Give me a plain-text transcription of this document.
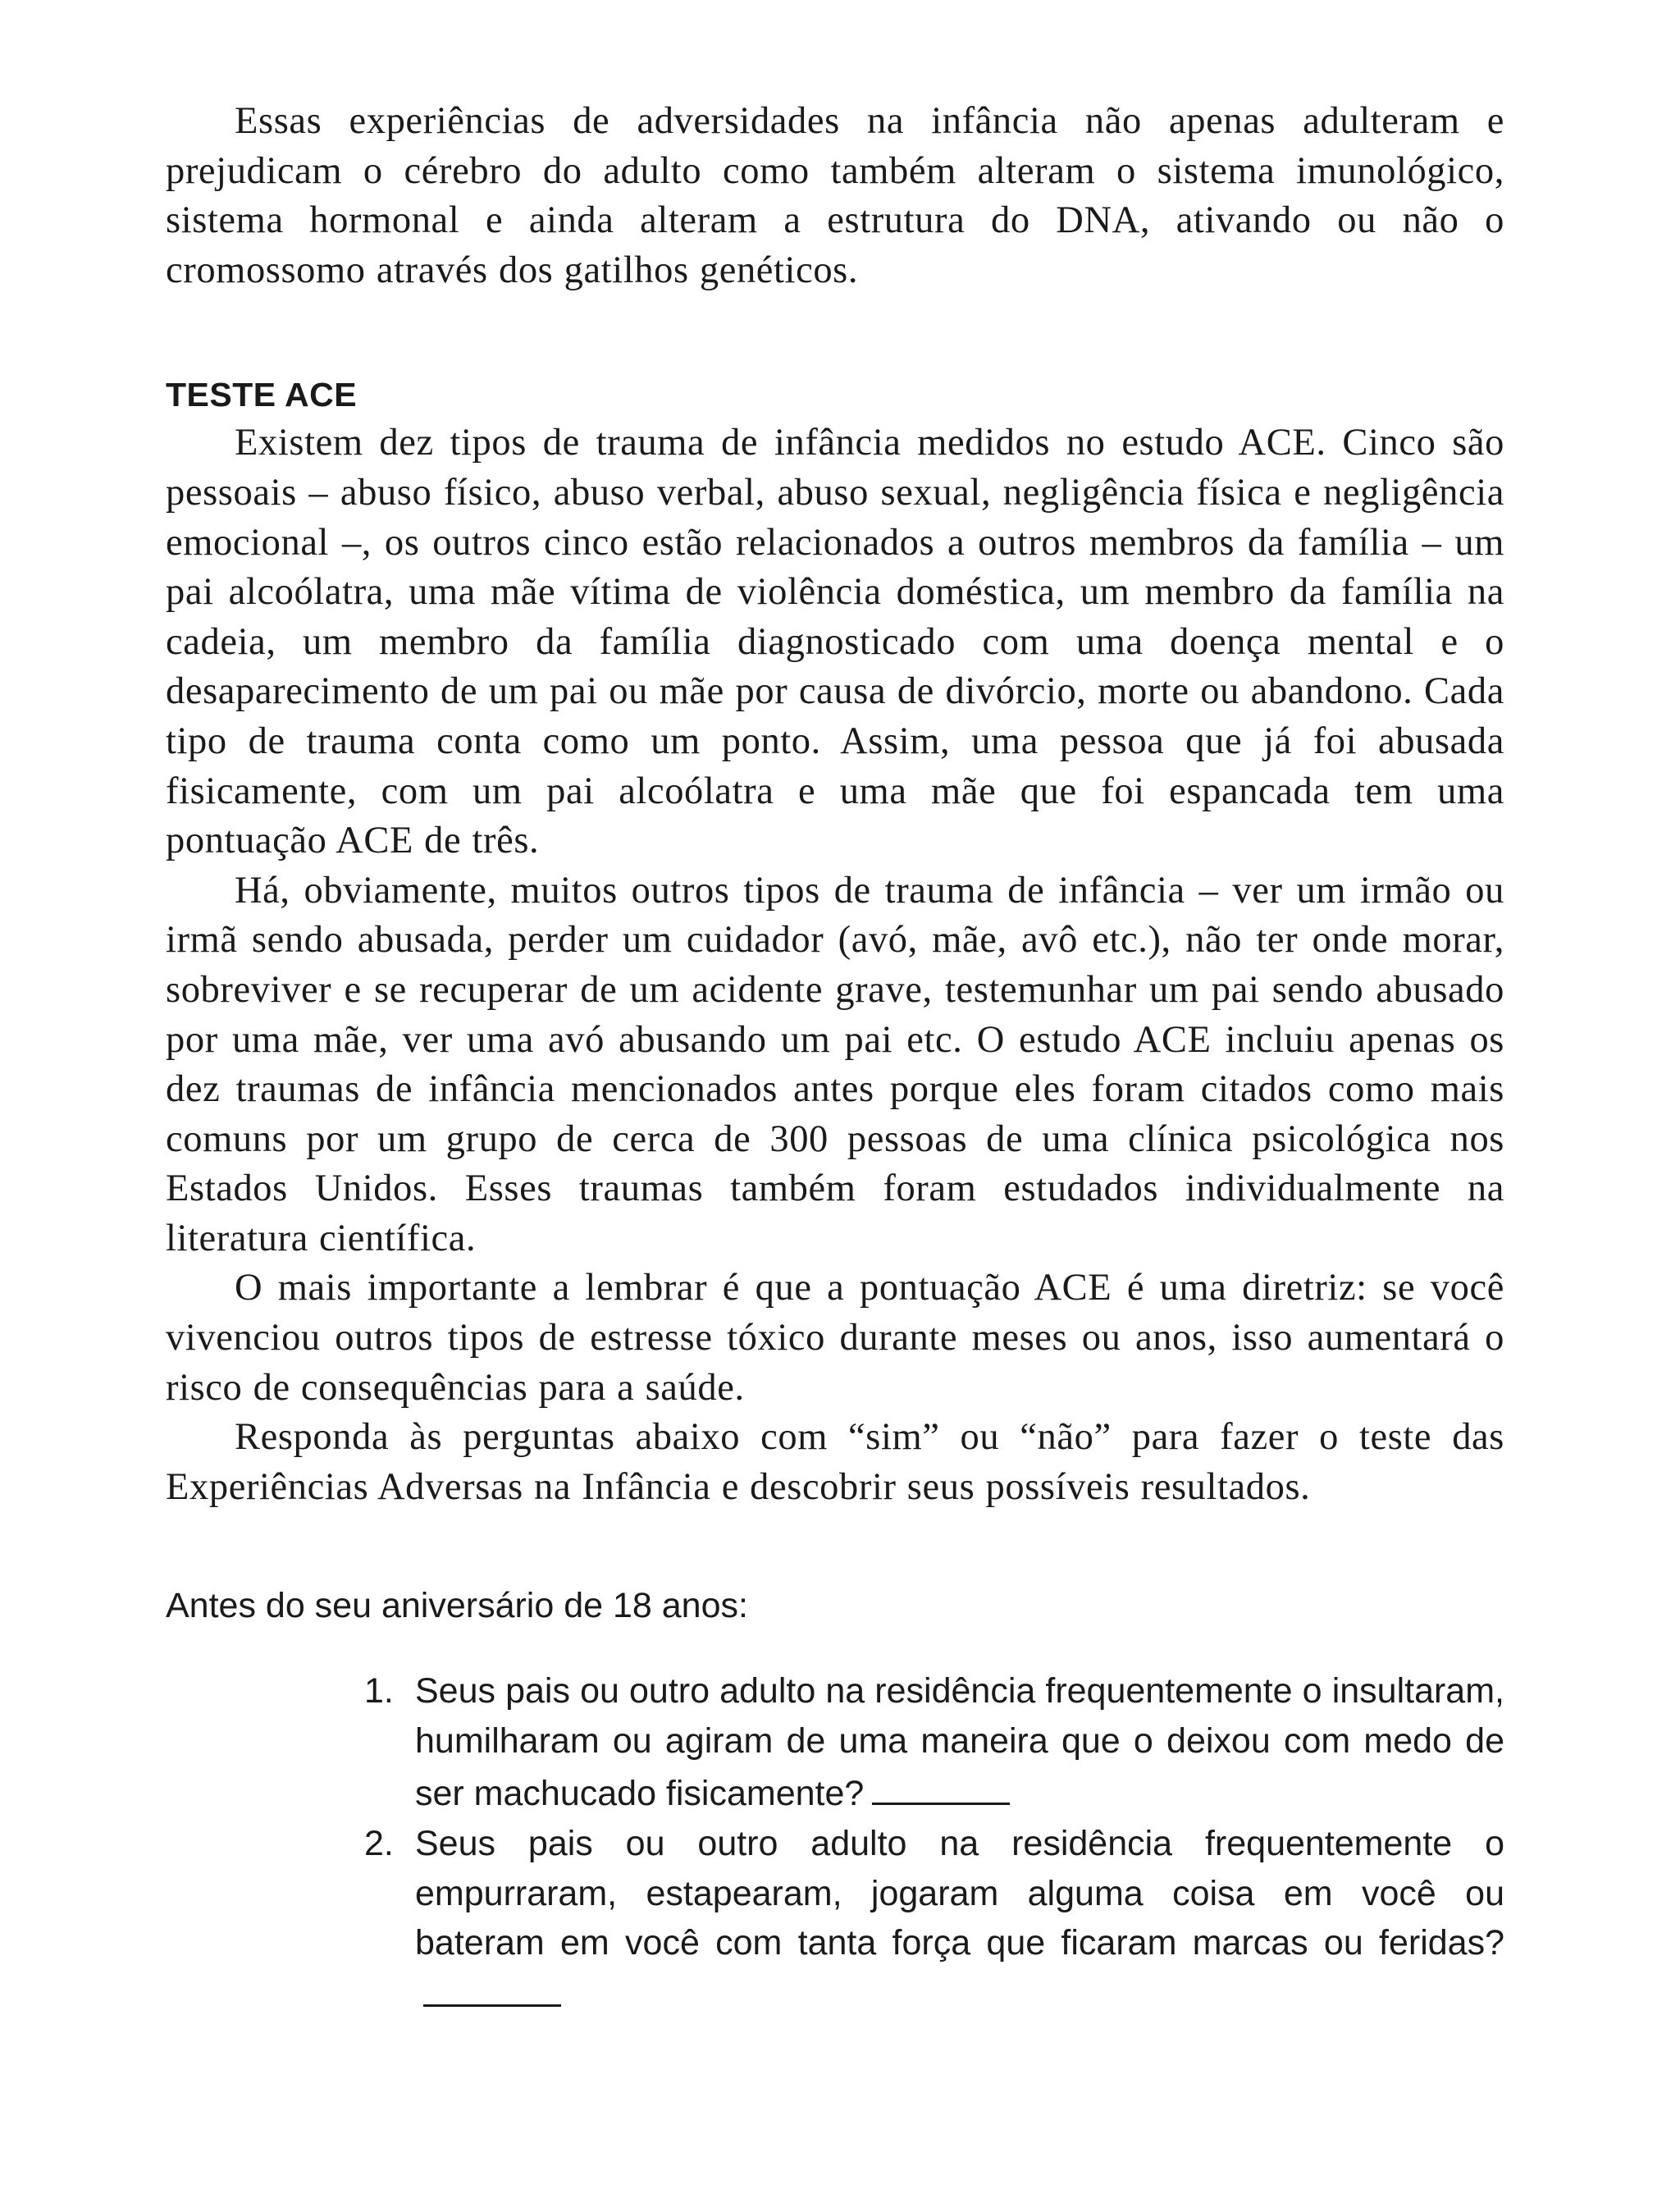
Essas experiências de adversidades na infância não apenas adulteram e prejudicam o cérebro do adulto como também alteram o sistema imunológico, sistema hormonal e ainda alteram a estrutura do DNA, ativando ou não o cromossomo através dos gatilhos genéticos.

TESTE ACE

Existem dez tipos de trauma de infância medidos no estudo ACE. Cinco são pessoais – abuso físico, abuso verbal, abuso sexual, negligência física e negligência emocional –, os outros cinco estão relacionados a outros membros da família – um pai alcoólatra, uma mãe vítima de violência doméstica, um membro da família na cadeia, um membro da família diagnosticado com uma doença mental e o desaparecimento de um pai ou mãe por causa de divórcio, morte ou abandono. Cada tipo de trauma conta como um ponto. Assim, uma pessoa que já foi abusada fisicamente, com um pai alcoólatra e uma mãe que foi espancada tem uma pontuação ACE de três.

Há, obviamente, muitos outros tipos de trauma de infância – ver um irmão ou irmã sendo abusada, perder um cuidador (avó, mãe, avô etc.), não ter onde morar, sobreviver e se recuperar de um acidente grave, testemunhar um pai sendo abusado por uma mãe, ver uma avó abusando um pai etc. O estudo ACE incluiu apenas os dez traumas de infância mencionados antes porque eles foram citados como mais comuns por um grupo de cerca de 300 pessoas de uma clínica psicológica nos Estados Unidos. Esses traumas também foram estudados individualmente na literatura científica.

O mais importante a lembrar é que a pontuação ACE é uma diretriz: se você vivenciou outros tipos de estresse tóxico durante meses ou anos, isso aumentará o risco de consequências para a saúde.

Responda às perguntas abaixo com “sim” ou “não” para fazer o teste das Experiências Adversas na Infância e descobrir seus possíveis resultados.

Antes do seu aniversário de 18 anos:

1. Seus pais ou outro adulto na residência frequentemente o insultaram, humilharam ou agiram de uma maneira que o deixou com medo de ser machucado fisicamente?
2. Seus pais ou outro adulto na residência frequentemente o empurraram, estapearam, jogaram alguma coisa em você ou bateram em você com tanta força que ficaram marcas ou feridas?
